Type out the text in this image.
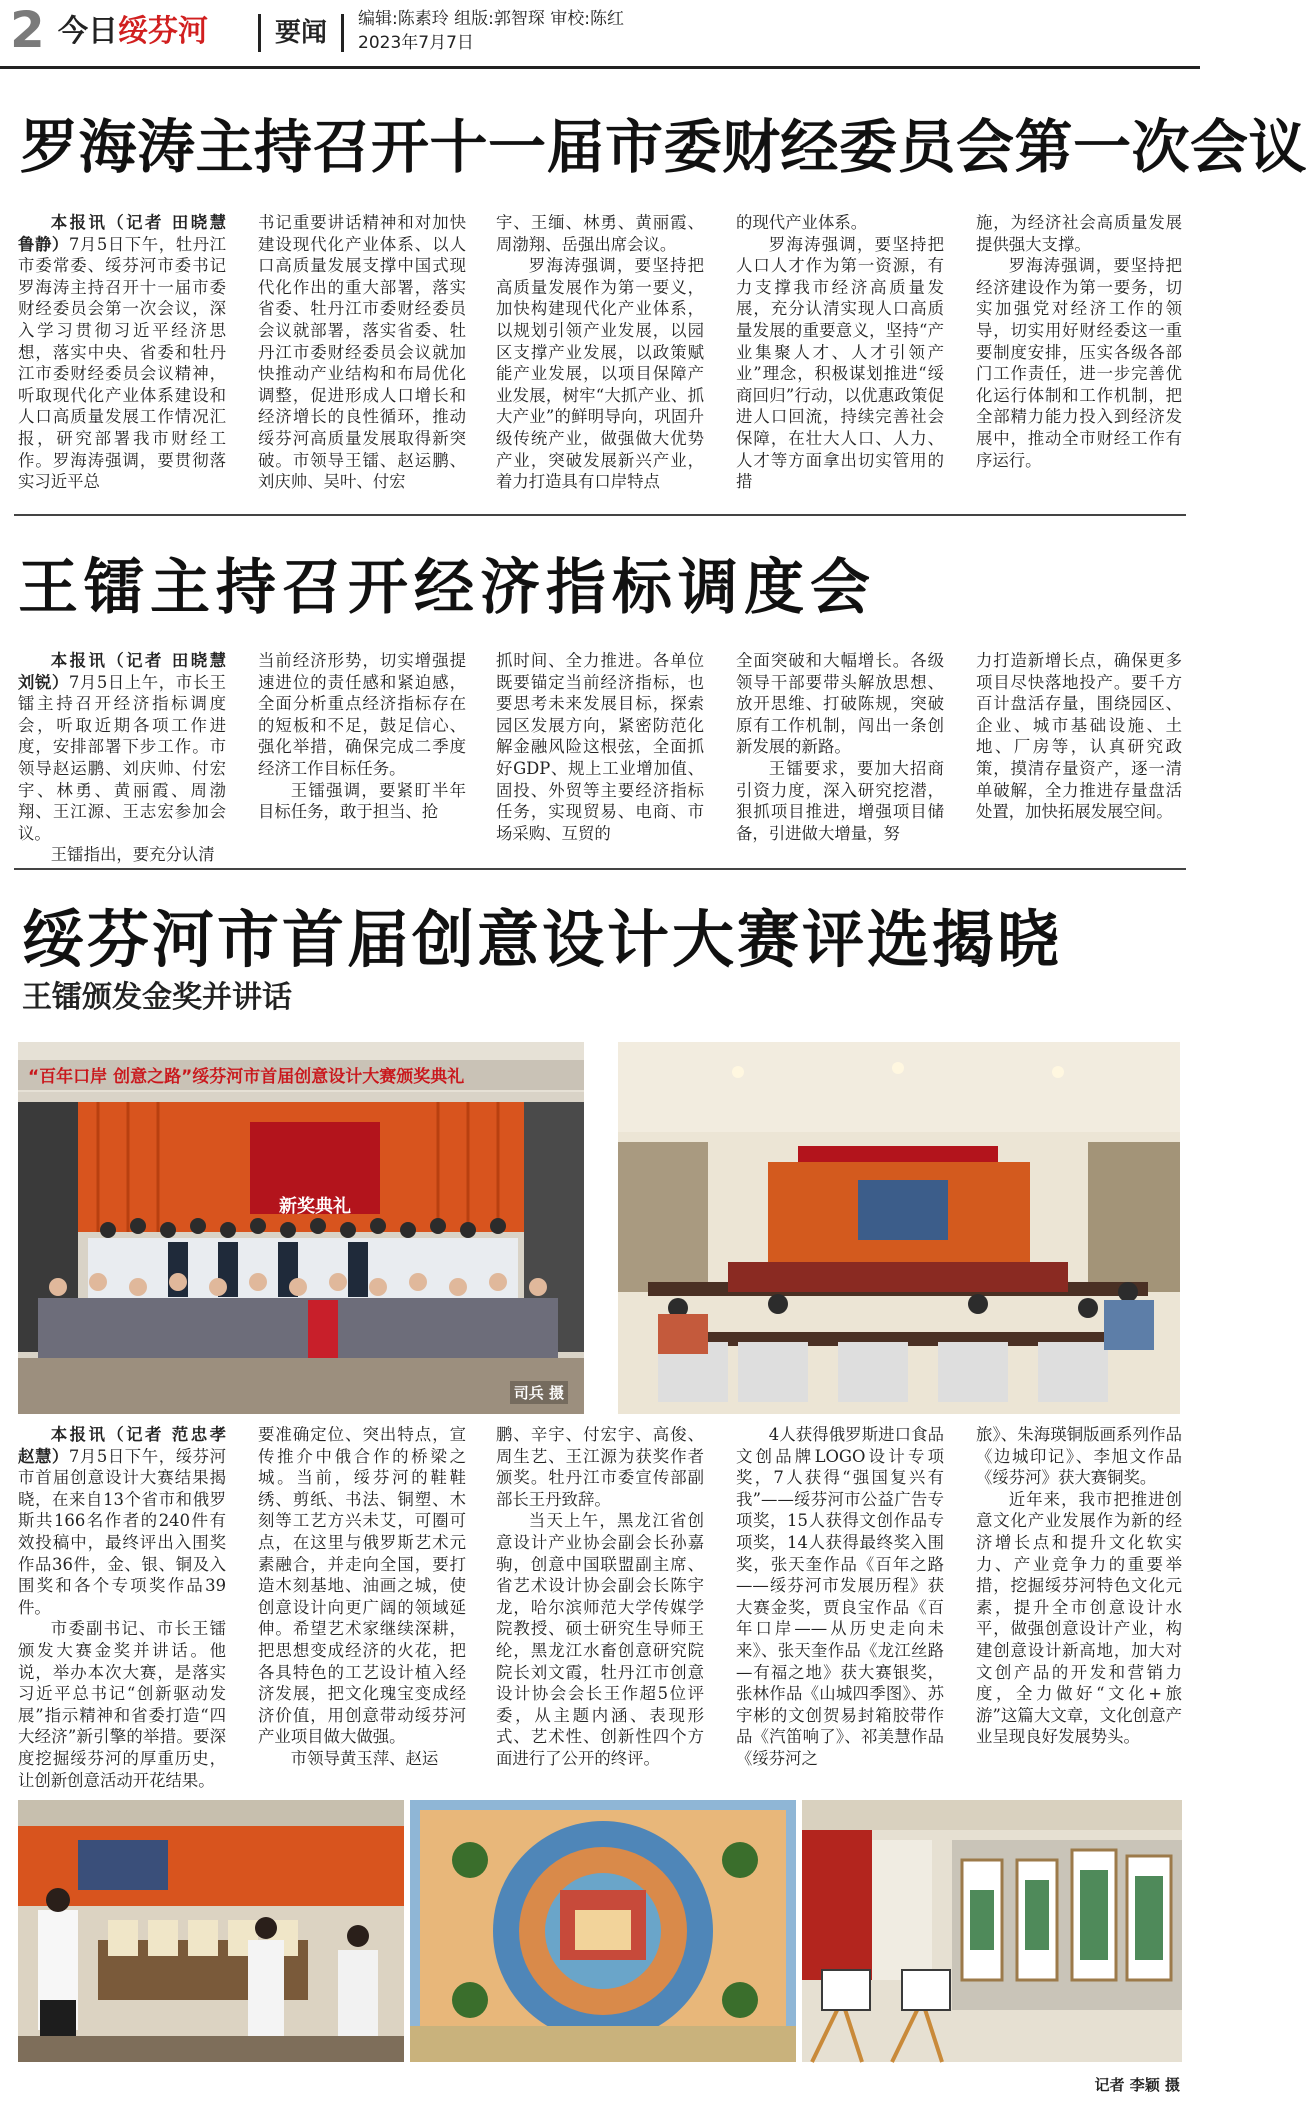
2 今日绥芬河	要闻	编辑:陈素玲 组版:郭智琛 审校:陈红
2023年7月7日
罗海涛主持召开十一届市委财经委员会第一次会议

本报讯（记者 田晓慧 鲁静）7月5日下午，牡丹江市委常委、绥芬河市委书记罗海涛主持召开十一届市委财经委员会第一次会议，深入学习贯彻习近平经济思想，落实中央、省委和牡丹江市委财经委员会议精神，听取现代化产业体系建设和人口高质量发展工作情况汇报，研究部署我市财经工作。罗海涛强调，要贯彻落实习近平总

书记重要讲话精神和对加快建设现代化产业体系、以人口高质量发展支撑中国式现代化作出的重大部署，落实省委、牡丹江市委财经委员会议就部署，落实省委、牡丹江市委财经委员会议就加快推动产业结构和布局优化调整，促进形成人口增长和经济增长的良性循环，推动绥芬河高质量发展取得新突破。市领导王镭、赵运鹏、刘庆帅、吴叶、付宏

宇、王缅、林勇、黄丽霞、周渤翔、岳强出席会议。

罗海涛强调，要坚持把高质量发展作为第一要义，加快构建现代化产业体系，以规划引领产业发展，以园区支撑产业发展，以政策赋能产业发展，以项目保障产业发展，树牢“大抓产业、抓大产业”的鲜明导向，巩固升级传统产业，做强做大优势产业，突破发展新兴产业，着力打造具有口岸特点

的现代产业体系。

罗海涛强调，要坚持把人口人才作为第一资源，有力支撑我市经济高质量发展，充分认清实现人口高质量发展的重要意义，坚持“产业集聚人才、人才引领产业”理念，积极谋划推进“绥商回归”行动，以优惠政策促进人口回流，持续完善社会保障，在壮大人口、人力、人才等方面拿出切实管用的措

施，为经济社会高质量发展提供强大支撑。

罗海涛强调，要坚持把经济建设作为第一要务，切实加强党对经济工作的领导，切实用好财经委这一重要制度安排，压实各级各部门工作责任，进一步完善优化运行体制和工作机制，把全部精力能力投入到经济发展中，推动全市财经工作有序运行。

王镭主持召开经济指标调度会

本报讯（记者 田晓慧 刘锐）7月5日上午，市长王镭主持召开经济指标调度会，听取近期各项工作进度，安排部署下步工作。市领导赵运鹏、刘庆帅、付宏宇、林勇、黄丽霞、周渤翔、王江源、王志宏参加会议。

王镭指出，要充分认清

当前经济形势，切实增强提速进位的责任感和紧迫感，全面分析重点经济指标存在的短板和不足，鼓足信心、强化举措，确保完成二季度经济工作目标任务。

王镭强调，要紧盯半年目标任务，敢于担当、抢

抓时间、全力推进。各单位既要锚定当前经济指标，也要思考未来发展目标，探索园区发展方向，紧密防范化解金融风险这根弦，全面抓好GDP、规上工业增加值、固投、外贸等主要经济指标任务，实现贸易、电商、市场采购、互贸的

全面突破和大幅增长。各级领导干部要带头解放思想、放开思维、打破陈规，突破原有工作机制，闯出一条创新发展的新路。

王镭要求，要加大招商引资力度，深入研究挖潜，狠抓项目推进，增强项目储备，引进做大增量，努

力打造新增长点，确保更多项目尽快落地投产。要千方百计盘活存量，围绕园区、企业、城市基础设施、土地、厂房等，认真研究政策，摸清存量资产，逐一清单破解，全力推进存量盘活处置，加快拓展发展空间。

绥芬河市首届创意设计大赛评选揭晓
王镭颁发金奖并讲话
“百年口岸 创意之路”绥芬河市首届创意设计大赛颁奖典礼
新奖典礼
司兵 摄

本报讯（记者 范忠孝 赵慧）7月5日下午，绥芬河市首届创意设计大赛结果揭晓，在来自13个省市和俄罗斯共166名作者的240件有效投稿中，最终评出入围奖作品36件，金、银、铜及入围奖和各个专项奖作品39件。

市委副书记、市长王镭颁发大赛金奖并讲话。他说，举办本次大赛，是落实习近平总书记“创新驱动发展”指示精神和省委打造“四大经济”新引擎的举措。要深度挖掘绥芬河的厚重历史，让创新创意活动开花结果。

要准确定位、突出特点，宣传推介中俄合作的桥梁之城。当前，绥芬河的鞋鞋绣、剪纸、书法、铜塑、木刻等工艺方兴未艾，可圈可点，在这里与俄罗斯艺术元素融合，并走向全国，要打造木刻基地、油画之城，使创意设计向更广阔的领域延伸。希望艺术家继续深耕，把思想变成经济的火花，把各具特色的工艺设计植入经济发展，把文化瑰宝变成经济价值，用创意带动绥芬河产业项目做大做强。

市领导黄玉萍、赵运

鹏、辛宇、付宏宇、高俊、周生艺、王江源为获奖作者颁奖。牡丹江市委宣传部副部长王丹致辞。

当天上午，黑龙江省创意设计产业协会副会长孙嘉驹，创意中国联盟副主席、省艺术设计协会副会长陈宇龙，哈尔滨师范大学传媒学院教授、硕士研究生导师王纶，黑龙江水畜创意研究院院长刘文霞，牡丹江市创意设计协会会长王作超5位评委，从主题内涵、表现形式、艺术性、创新性四个方面进行了公开的终评。

4人获得俄罗斯进口食品文创品牌LOGO设计专项奖，7人获得“强国复兴有我”——绥芬河市公益广告专项奖，15人获得文创作品专项奖，14人获得最终奖入围奖，张天奎作品《百年之路——绥芬河市发展历程》获大赛金奖，贾良宝作品《百年口岸——从历史走向未来》、张天奎作品《龙江丝路—有福之地》获大赛银奖，张林作品《山城四季图》、苏宇彬的文创贺易封箱胶带作品《汽笛响了》、祁美慧作品《绥芬河之

旅》、朱海瑛铜版画系列作品《边城印记》、李旭文作品《绥芬河》获大赛铜奖。

近年来，我市把推进创意文化产业发展作为新的经济增长点和提升文化软实力、产业竞争力的重要举措，挖掘绥芬河特色文化元素，提升全市创意设计水平，做强创意设计产业，构建创意设计新高地，加大对文创产品的开发和营销力度，全力做好“文化+旅游”这篇大文章，文化创意产业呈现良好发展势头。

记者 李颖 摄
